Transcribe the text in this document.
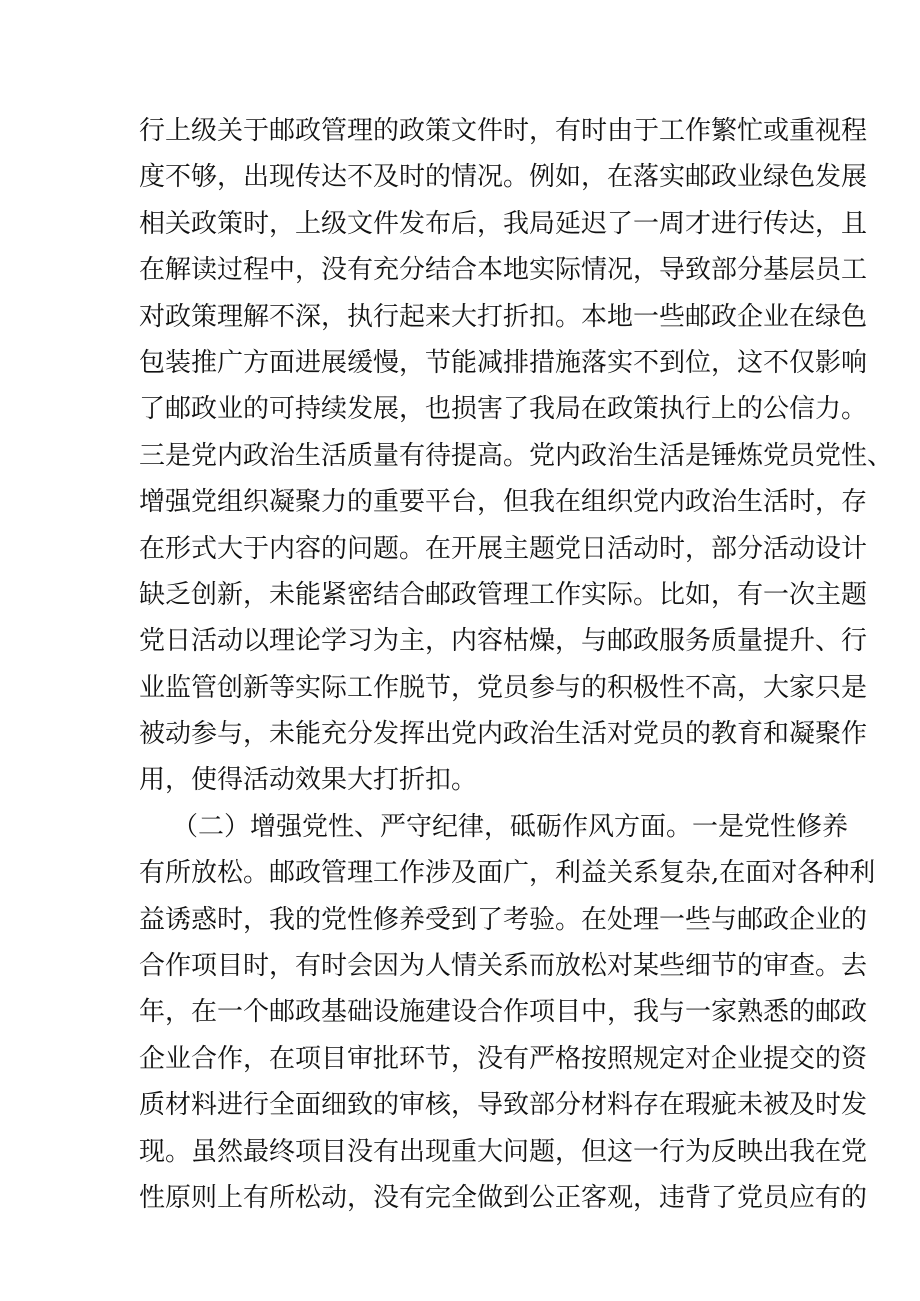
行上级关于邮政管理的政策文件时，有时由于工作繁忙或重视程
度不够，出现传达不及时的情况。例如，在落实邮政业绿色发展
相关政策时，上级文件发布后，我局延迟了一周才进行传达，且
在解读过程中，没有充分结合本地实际情况，导致部分基层员工
对政策理解不深，执行起来大打折扣。本地一些邮政企业在绿色
包装推广方面进展缓慢，节能减排措施落实不到位，这不仅影响
了邮政业的可持续发展，也损害了我局在政策执行上的公信力。
三是党内政治生活质量有待提高。党内政治生活是锤炼党员党性、
增强党组织凝聚力的重要平台，但我在组织党内政治生活时，存
在形式大于内容的问题。在开展主题党日活动时，部分活动设计
缺乏创新，未能紧密结合邮政管理工作实际。比如，有一次主题
党日活动以理论学习为主，内容枯燥，与邮政服务质量提升、行
业监管创新等实际工作脱节，党员参与的积极性不高，大家只是
被动参与，未能充分发挥出党内政治生活对党员的教育和凝聚作
用，使得活动效果大打折扣。
（二）增强党性、严守纪律，砥砺作风方面。一是党性修养
有所放松。邮政管理工作涉及面广，利益关系复杂,在面对各种利
益诱惑时，我的党性修养受到了考验。在处理一些与邮政企业的
合作项目时，有时会因为人情关系而放松对某些细节的审查。去
年，在一个邮政基础设施建设合作项目中，我与一家熟悉的邮政
企业合作，在项目审批环节，没有严格按照规定对企业提交的资
质材料进行全面细致的审核，导致部分材料存在瑕疵未被及时发
现。虽然最终项目没有出现重大问题，但这一行为反映出我在党
性原则上有所松动，没有完全做到公正客观，违背了党员应有的
